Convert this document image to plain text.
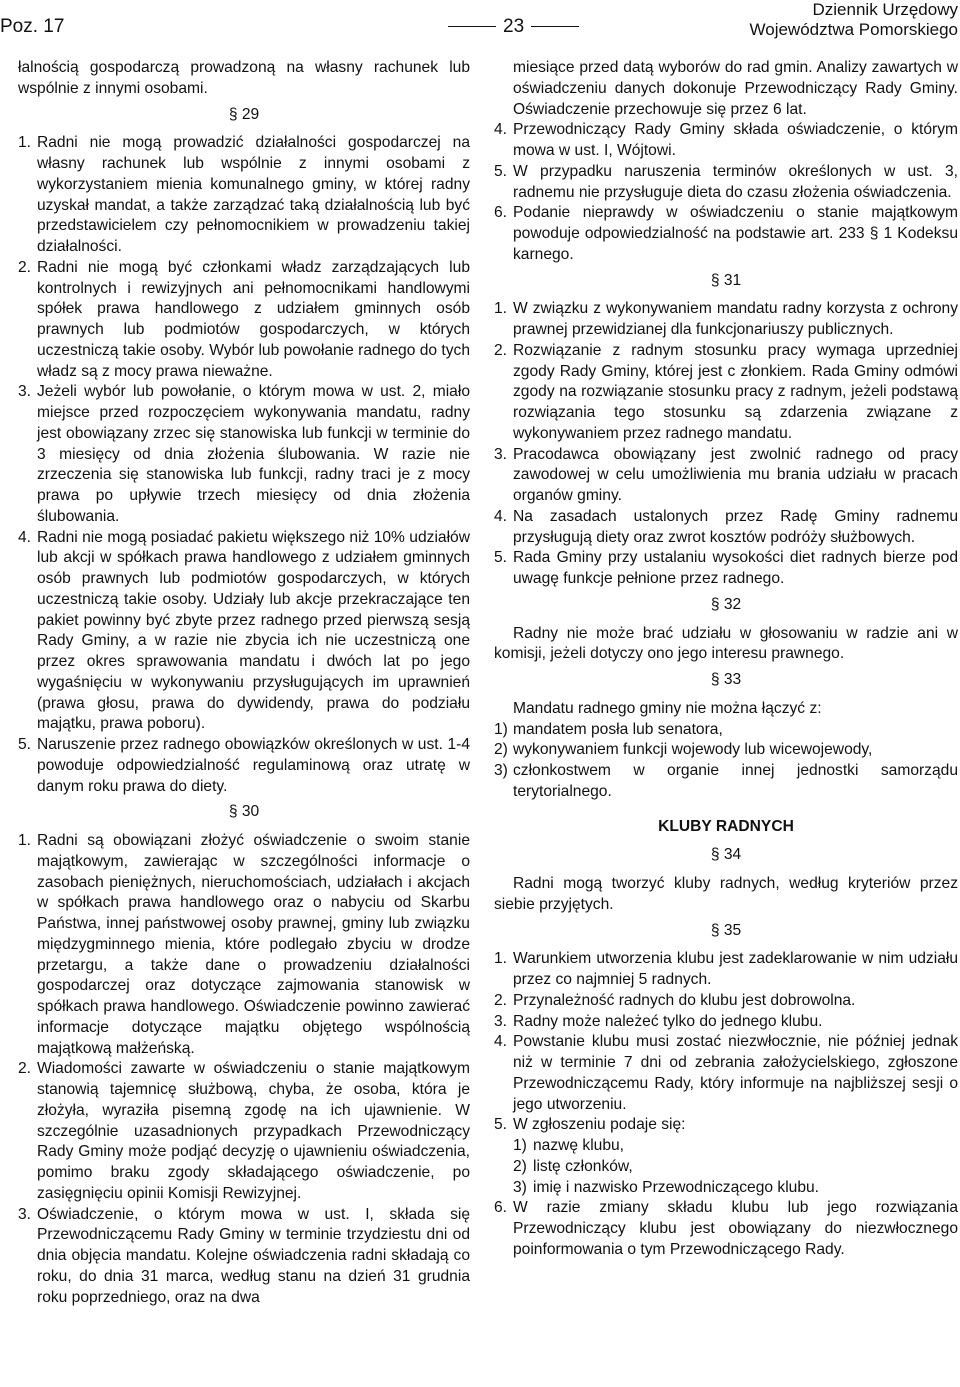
Poz. 17	23
Dziennik Urzędowy
Województwa Pomorskiego
łalnością gospodarczą prowadzoną na własny rachunek lub wspólnie z innymi osobami.
§ 29
1. Radni nie mogą prowadzić działalności gospodarczej na własny rachunek lub wspólnie z innymi osobami z wykorzystaniem mienia komunalnego gminy, w której radny uzyskał mandat, a także zarządzać taką działalnością lub być przedstawicielem czy pełnomocnikiem w prowadzeniu takiej działalności.
2. Radni nie mogą być członkami władz zarządzających lub kontrolnych i rewizyjnych ani pełnomocnikami handlowymi spółek prawa handlowego z udziałem gminnych osób prawnych lub podmiotów gospodarczych, w których uczestniczą takie osoby. Wybór lub powołanie radnego do tych władz są z mocy prawa nieważne.
3. Jeżeli wybór lub powołanie, o którym mowa w ust. 2, miało miejsce przed rozpoczęciem wykonywania mandatu, radny jest obowiązany zrzec się stanowiska lub funkcji w terminie do 3 miesięcy od dnia złożenia ślubowania. W razie nie zrzeczenia się stanowiska lub funkcji, radny traci je z mocy prawa po upływie trzech miesięcy od dnia złożenia ślubowania.
4. Radni nie mogą posiadać pakietu większego niż 10% udziałów lub akcji w spółkach prawa handlowego z udziałem gminnych osób prawnych lub podmiotów gospodarczych, w których uczestniczą takie osoby. Udziały lub akcje przekraczające ten pakiet powinny być zbyte przez radnego przed pierwszą sesją Rady Gminy, a w razie nie zbycia ich nie uczestniczą one przez okres sprawowania mandatu i dwóch lat po jego wygaśnięciu w wykonywaniu przysługujących im uprawnień (prawa głosu, prawa do dywidendy, prawa do podziału majątku, prawa poboru).
5. Naruszenie przez radnego obowiązków określonych w ust. 1-4 powoduje odpowiedzialność regulaminową oraz utratę w danym roku prawa do diety.
§ 30
1. Radni są obowiązani złożyć oświadczenie o swoim stanie majątkowym, zawierając w szczególności informacje o zasobach pieniężnych, nieruchomościach, udziałach i akcjach w spółkach prawa handlowego oraz o nabyciu od Skarbu Państwa, innej państwowej osoby prawnej, gminy lub związku międzygminnego mienia, które podlegało zbyciu w drodze przetargu, a także dane o prowadzeniu działalności gospodarczej oraz dotyczące zajmowania stanowisk w spółkach prawa handlowego. Oświadczenie powinno zawierać informacje dotyczące majątku objętego wspólnością majątkową małżeńską.
2. Wiadomości zawarte w oświadczeniu o stanie majątkowym stanowią tajemnicę służbową, chyba, że osoba, która je złożyła, wyraziła pisemną zgodę na ich ujawnienie. W szczególnie uzasadnionych przypadkach Przewodniczący Rady Gminy może podjąć decyzję o ujawnieniu oświadczenia, pomimo braku zgody składającego oświadczenie, po zasięgnięciu opinii Komisji Rewizyjnej.
3. Oświadczenie, o którym mowa w ust. I, składa się Przewodniczącemu Rady Gminy w terminie trzydziestu dni od dnia objęcia mandatu. Kolejne oświadczenia radni składają co roku, do dnia 31 marca, według stanu na dzień 31 grudnia roku poprzedniego, oraz na dwa
miesiące przed datą wyborów do rad gmin. Analizy zawartych w oświadczeniu danych dokonuje Przewodniczący Rady Gminy. Oświadczenie przechowuje się przez 6 lat.
4. Przewodniczący Rady Gminy składa oświadczenie, o którym mowa w ust. I, Wójtowi.
5. W przypadku naruszenia terminów określonych w ust. 3, radnemu nie przysługuje dieta do czasu złożenia oświadczenia.
6. Podanie nieprawdy w oświadczeniu o stanie majątkowym powoduje odpowiedzialność na podstawie art. 233 § 1 Kodeksu karnego.
§ 31
1. W związku z wykonywaniem mandatu radny korzysta z ochrony prawnej przewidzianej dla funkcjonariuszy publicznych.
2. Rozwiązanie z radnym stosunku pracy wymaga uprzedniej zgody Rady Gminy, której jest c złonkiem. Rada Gminy odmówi zgody na rozwiązanie stosunku pracy z radnym, jeżeli podstawą rozwiązania tego stosunku są zdarzenia związane z wykonywaniem przez radnego mandatu.
3. Pracodawca obowiązany jest zwolnić radnego od pracy zawodowej w celu umożliwienia mu brania udziału w pracach organów gminy.
4. Na zasadach ustalonych przez Radę Gminy radnemu przysługują diety oraz zwrot kosztów podróży służbowych.
5. Rada Gminy przy ustalaniu wysokości diet radnych bierze pod uwagę funkcje pełnione przez radnego.
§ 32
Radny nie może brać udziału w głosowaniu w radzie ani w komisji, jeżeli dotyczy ono jego interesu prawnego.
§ 33
Mandatu radnego gminy nie można łączyć z:
1) mandatem posła lub senatora,
2) wykonywaniem funkcji wojewody lub wicewojewody,
3) członkostwem w organie innej jednostki samorządu terytorialnego.
KLUBY RADNYCH
§ 34
Radni mogą tworzyć kluby radnych, według kryteriów przez siebie przyjętych.
§ 35
1. Warunkiem utworzenia klubu jest zadeklarowanie w nim udziału przez co najmniej 5 radnych.
2. Przynależność radnych do klubu jest dobrowolna.
3. Radny może należeć tylko do jednego klubu.
4. Powstanie klubu musi zostać niezwłocznie, nie później jednak niż w terminie 7 dni od zebrania założycielskiego, zgłoszone Przewodniczącemu Rady, który informuje na najbliższej sesji o jego utworzeniu.
5. W zgłoszeniu podaje się:
1) nazwę klubu,
2) listę członków,
3) imię i nazwisko Przewodniczącego klubu.
6. W razie zmiany składu klubu lub jego rozwiązania Przewodniczący klubu jest obowiązany do niezwłocznego poinformowania o tym Przewodniczącego Rady.
